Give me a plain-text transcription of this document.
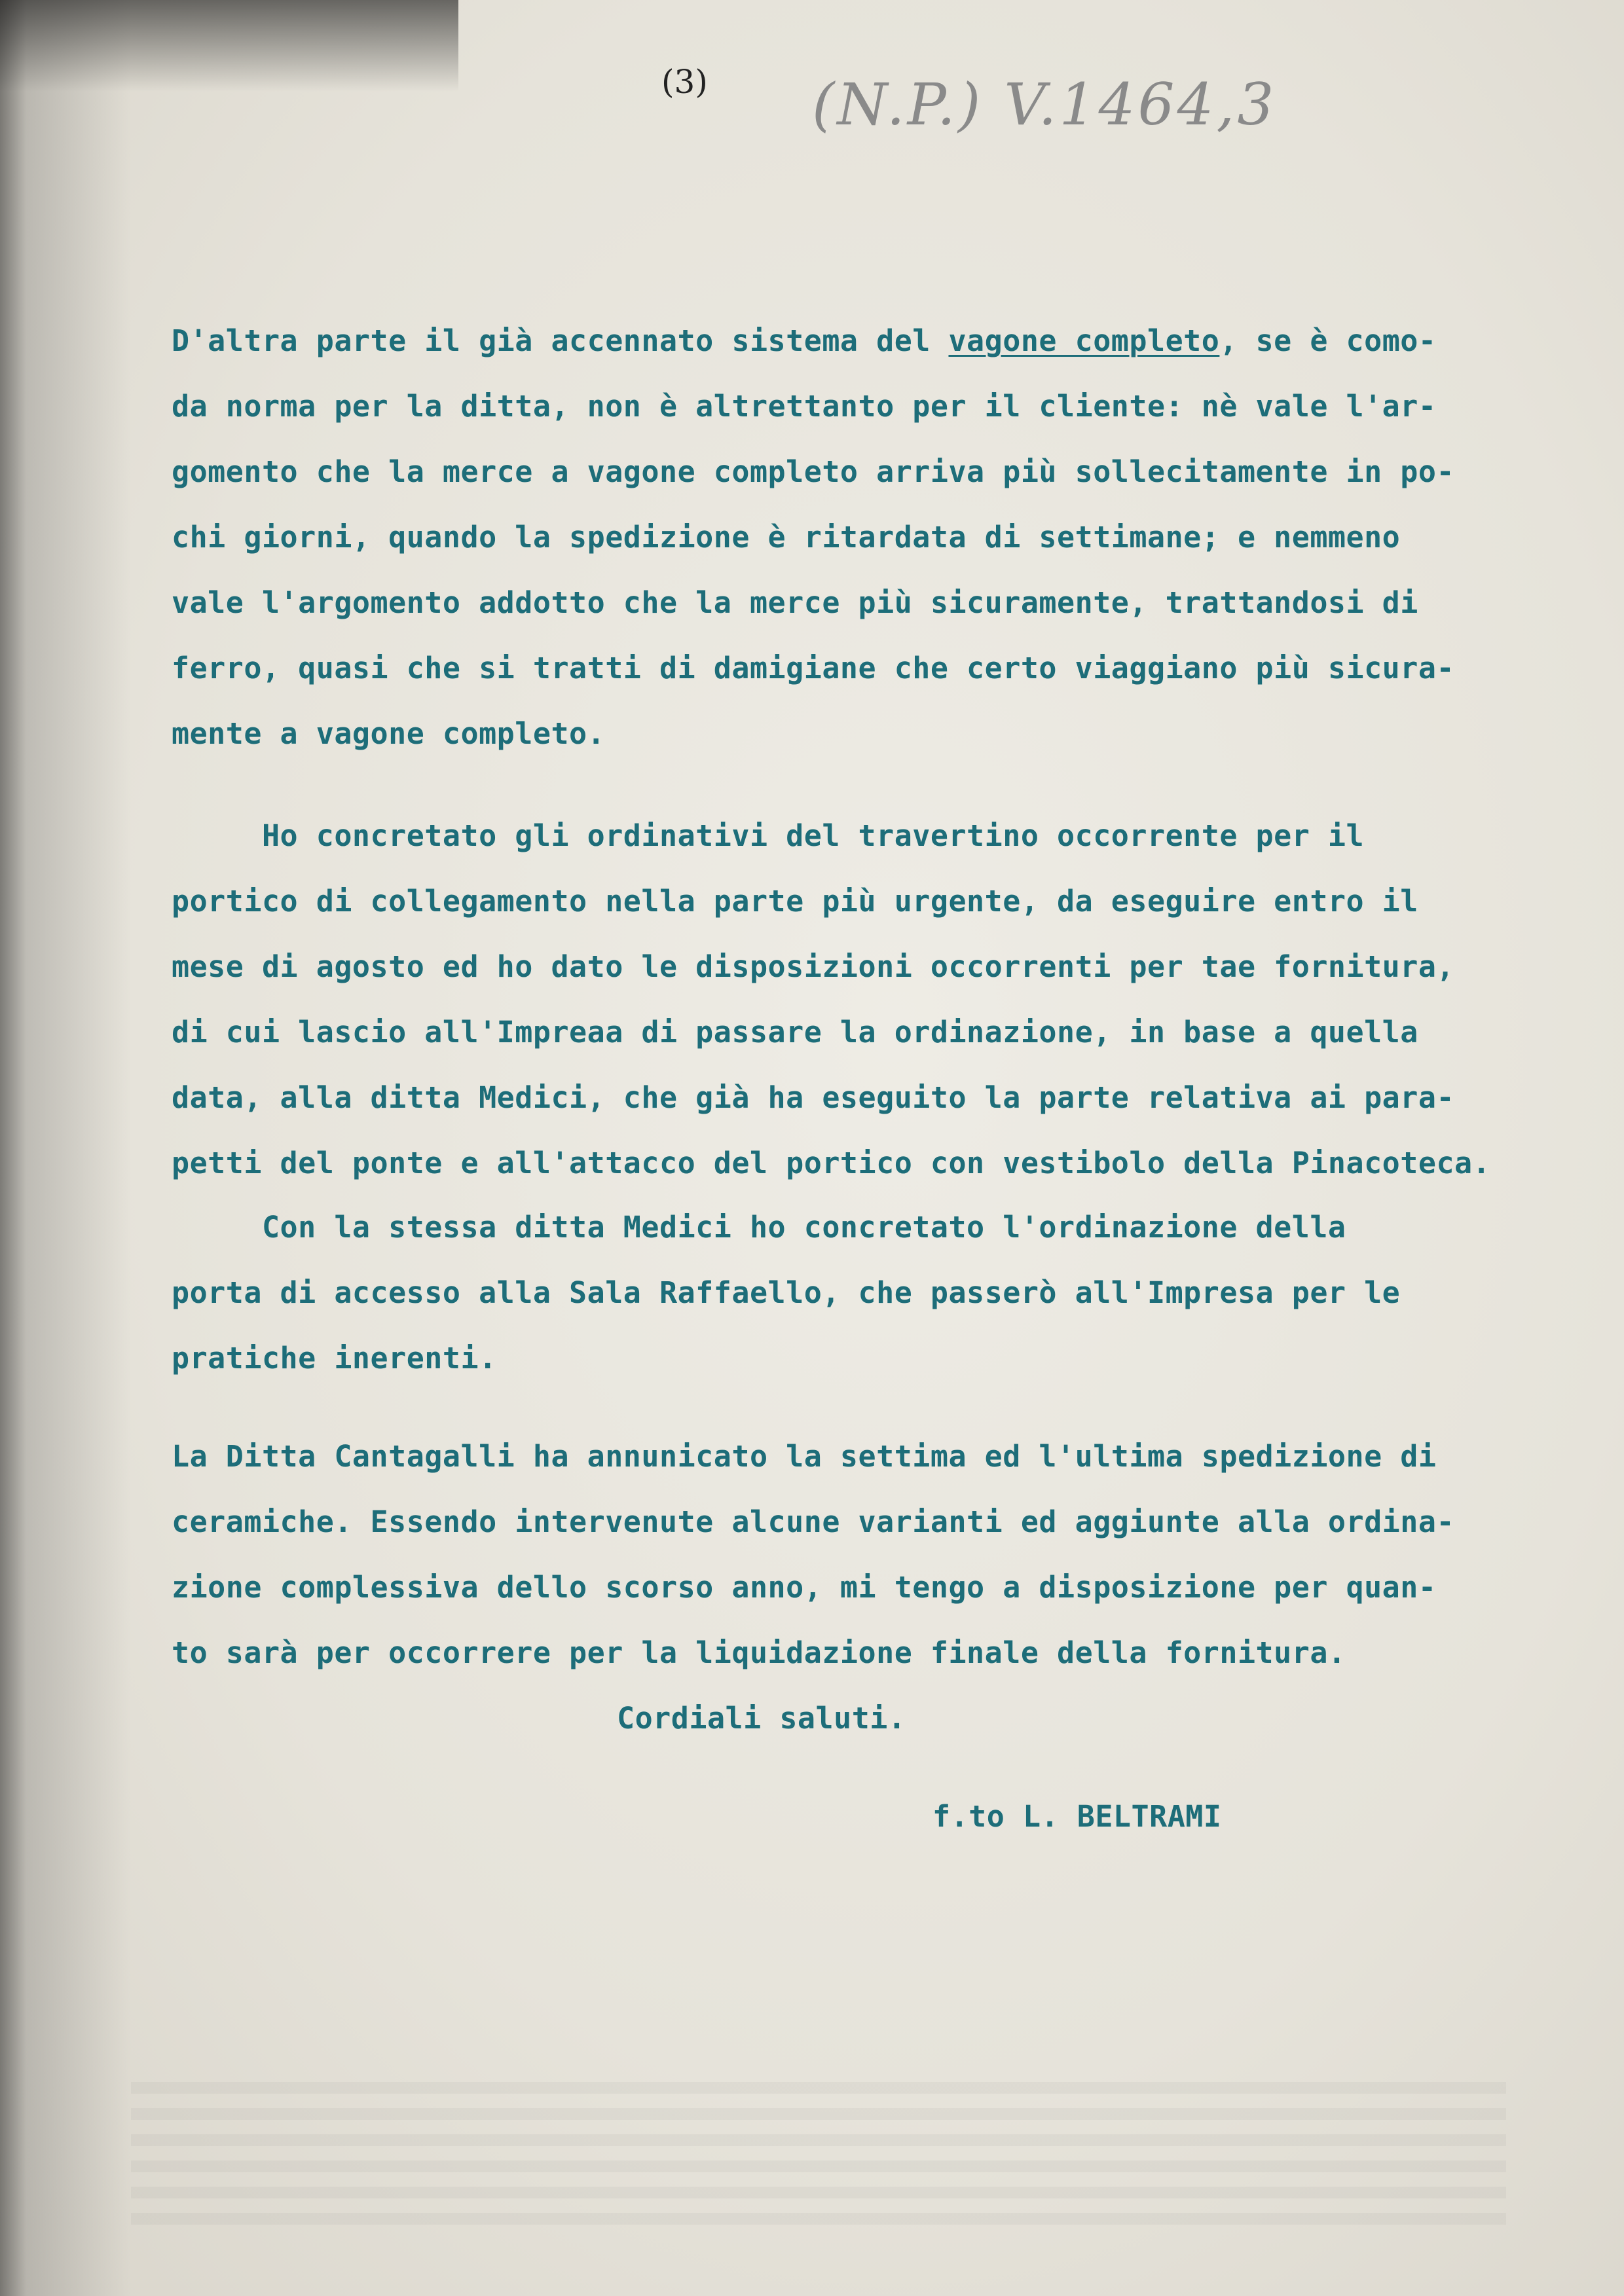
(3) (N.P.) V.1464,3
D'altra parte il già accennato sistema del vagone completo, se è como-
da norma per la ditta, non è altrettanto per il cliente: nè vale l'ar-
gomento che la merce a vagone completo arriva più sollecitamente in po-
chi giorni, quando la spedizione è ritardata di settimane; e nemmeno
vale l'argomento addotto che la merce più sicuramente, trattandosi di
ferro, quasi che si tratti di damigiane che certo viaggiano più sicura-
mente a vagone completo.
Ho concretato gli ordinativi del travertino occorrente per il
portico di collegamento nella parte più urgente, da eseguire entro il
mese di agosto ed ho dato le disposizioni occorrenti per tae fornitura,
di cui lascio all'Impreaa di passare la ordinazione, in base a quella
data, alla ditta Medici, che già ha eseguito la parte relativa ai para-
petti del ponte e all'attacco del portico con vestibolo della Pinacoteca.
Con la stessa ditta Medici ho concretato l'ordinazione della
porta di accesso alla Sala Raffaello, che passerò all'Impresa per le
pratiche inerenti.
La Ditta Cantagalli ha annunicato la settima ed l'ultima spedizione di
ceramiche. Essendo intervenute alcune varianti ed aggiunte alla ordina-
zione complessiva dello scorso anno, mi tengo a disposizione per quan-
to sarà per occorrere per la liquidazione finale della fornitura.
Cordiali saluti.
f.to L. BELTRAMI
